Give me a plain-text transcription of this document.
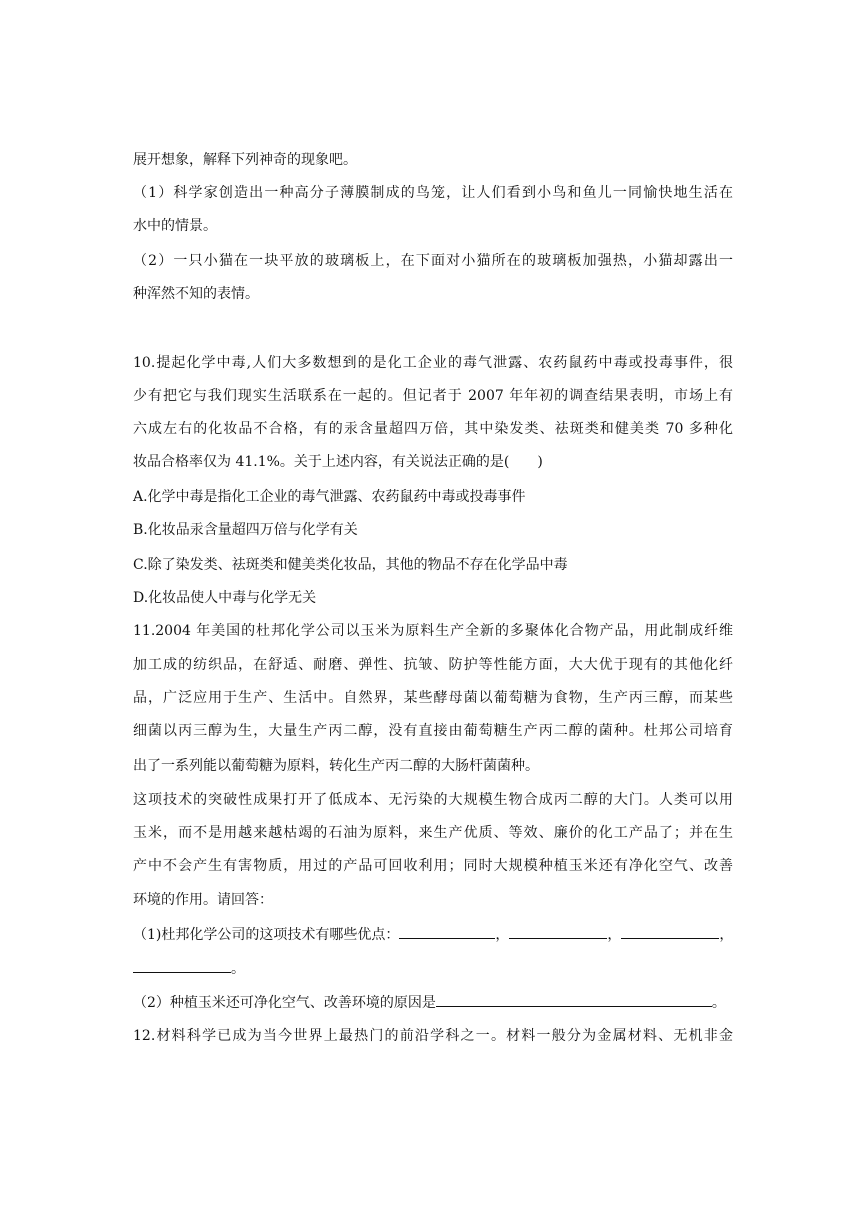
展开想象，解释下列神奇的现象吧。
（1）科学家创造出一种高分子薄膜制成的鸟笼，让人们看到小鸟和鱼儿一同愉快地生活在
水中的情景。
（2）一只小猫在一块平放的玻璃板上，在下面对小猫所在的玻璃板加强热，小猫却露出一
种浑然不知的表情。
10.提起化学中毒,人们大多数想到的是化工企业的毒气泄露、农药鼠药中毒或投毒事件，很
少有把它与我们现实生活联系在一起的。但记者于 2007 年年初的调查结果表明，市场上有
六成左右的化妆品不合格，有的汞含量超四万倍，其中染发类、祛斑类和健美类 70 多种化
妆品合格率仅为 41.1%。关于上述内容，有关说法正确的是(　　)
A.化学中毒是指化工企业的毒气泄露、农药鼠药中毒或投毒事件
B.化妆品汞含量超四万倍与化学有关
C.除了染发类、祛斑类和健美类化妆品，其他的物品不存在化学品中毒
D.化妆品使人中毒与化学无关
11.2004 年美国的杜邦化学公司以玉米为原料生产全新的多聚体化合物产品，用此制成纤维
加工成的纺织品，在舒适、耐磨、弹性、抗皱、防护等性能方面，大大优于现有的其他化纤
品，广泛应用于生产、生活中。自然界，某些酵母菌以葡萄糖为食物，生产丙三醇，而某些
细菌以丙三醇为生，大量生产丙二醇，没有直接由葡萄糖生产丙二醇的菌种。杜邦公司培育
出了一系列能以葡萄糖为原料，转化生产丙二醇的大肠杆菌菌种。
这项技术的突破性成果打开了低成本、无污染的大规模生物合成丙二醇的大门。人类可以用
玉米，而不是用越来越枯竭的石油为原料，来生产优质、等效、廉价的化工产品了；并在生
产中不会产生有害物质，用过的产品可回收利用；同时大规模种植玉米还有净化空气、改善
环境的作用。请回答：
（1)杜邦化学公司的这项技术有哪些优点：	，	，	，
。
（2）种植玉米还可净化空气、改善环境的原因是	。
12.材料科学已成为当今世界上最热门的前沿学科之一。材料一般分为金属材料、无机非金
